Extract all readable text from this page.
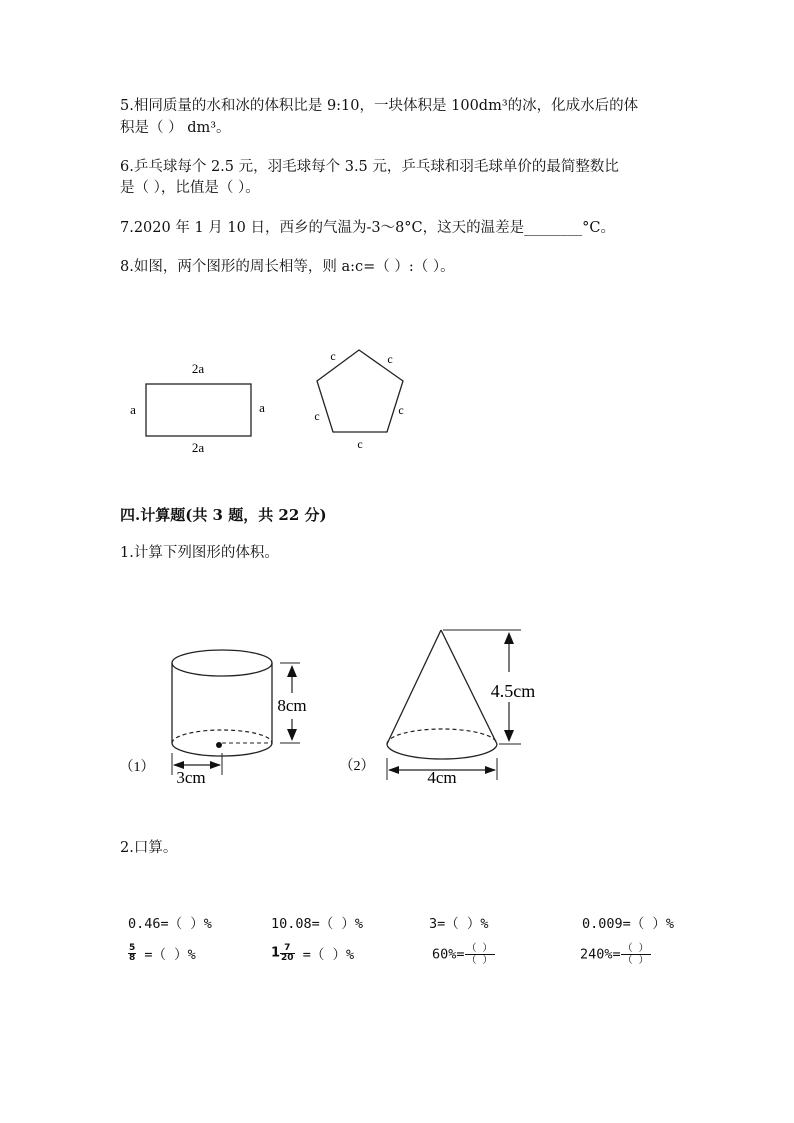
5.相同质量的水和冰的体积比是 9:10，一块体积是 100dm³的冰，化成水后的体
积是（ ） dm³。
6.乒乓球每个 2.5 元，羽毛球每个 3.5 元，乒乓球和羽毛球单价的最简整数比
是（ ），比值是（ ）。
7.2020 年 1 月 10 日，西乡的气温为-3～8°C，这天的温差是________°C。
8.如图，两个图形的周长相等，则 a:c=（ ）:（ ）。
2a
2a
a	a
c	c
c
c
c
四.计算题(共 3 题，共 22 分)
1.计算下列图形的体积。
8cm
3cm
（1）
4.5cm
4cm
（2）
2.口算。
0.46=（ ）%	10.08=（ ）%	3=（ ）%	0.009=（ ）%
$\frac{5}{8}$ =（ ）%	$1 \frac{7}{20}$ =（ ）%	$60\%= \frac{( )}{( )}$	$240\%= \frac{( )}{( )}$
